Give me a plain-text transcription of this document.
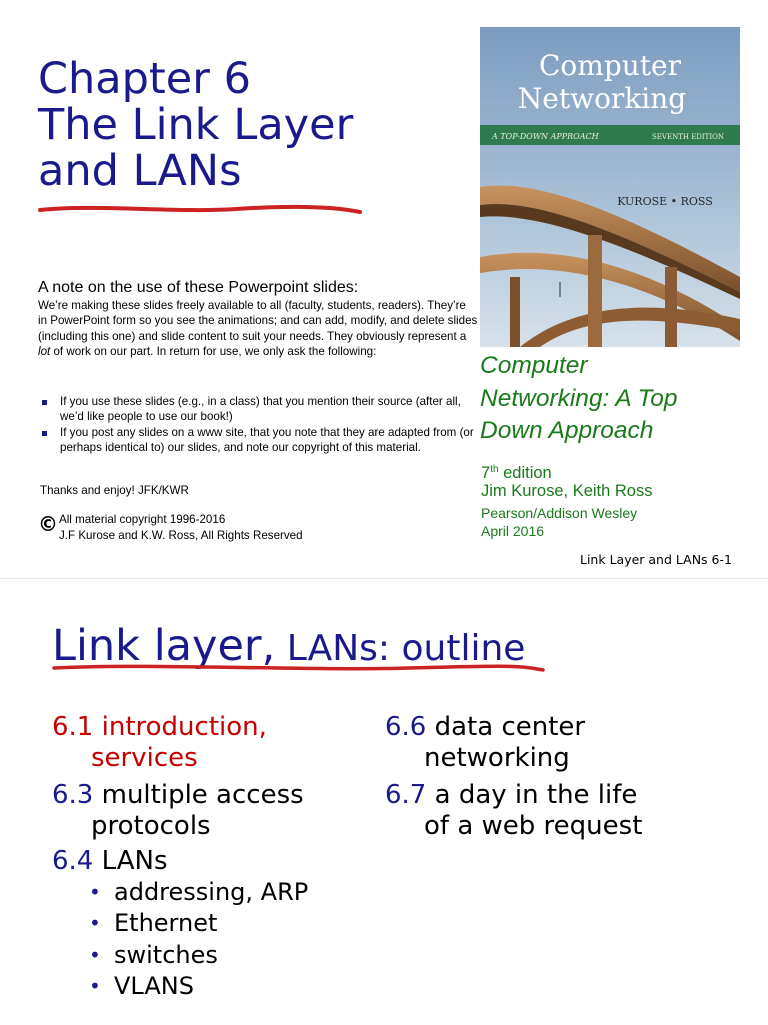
Chapter 6
The Link Layer
and LANs
A note on the use of these Powerpoint slides:
We’re making these slides freely available to all (faculty, students, readers). They’re in PowerPoint form so you see the animations; and can add, modify, and delete slides (including this one) and slide content to suit your needs. They obviously represent a lot of work on our part. In return for use, we only ask the following:
If you use these slides (e.g., in a class) that you mention their source (after all, we’d like people to use our book!)
If you post any slides on a www site, that you note that they are adapted from (or perhaps identical to) our slides, and note our copyright of this material.
Thanks and enjoy! JFK/KWR
© All material copyright 1996-2016
J.F Kurose and K.W. Ross, All Rights Reserved
Computer
Networking
A TOP-DOWN APPROACH	SEVENTH EDITION
KUROSE • ROSS
Computer
Networking: A Top
Down Approach
7th edition
Jim Kurose, Keith Ross
Pearson/Addison Wesley
April 2016
Link Layer and LANs 6-1
Link layer, LANs: outline
6.1 introduction,
services
6.3 multiple access
protocols
6.4 LANs
• addressing, ARP
• Ethernet
• switches
• VLANS
6.6 data center
networking
6.7 a day in the life
of a web request
